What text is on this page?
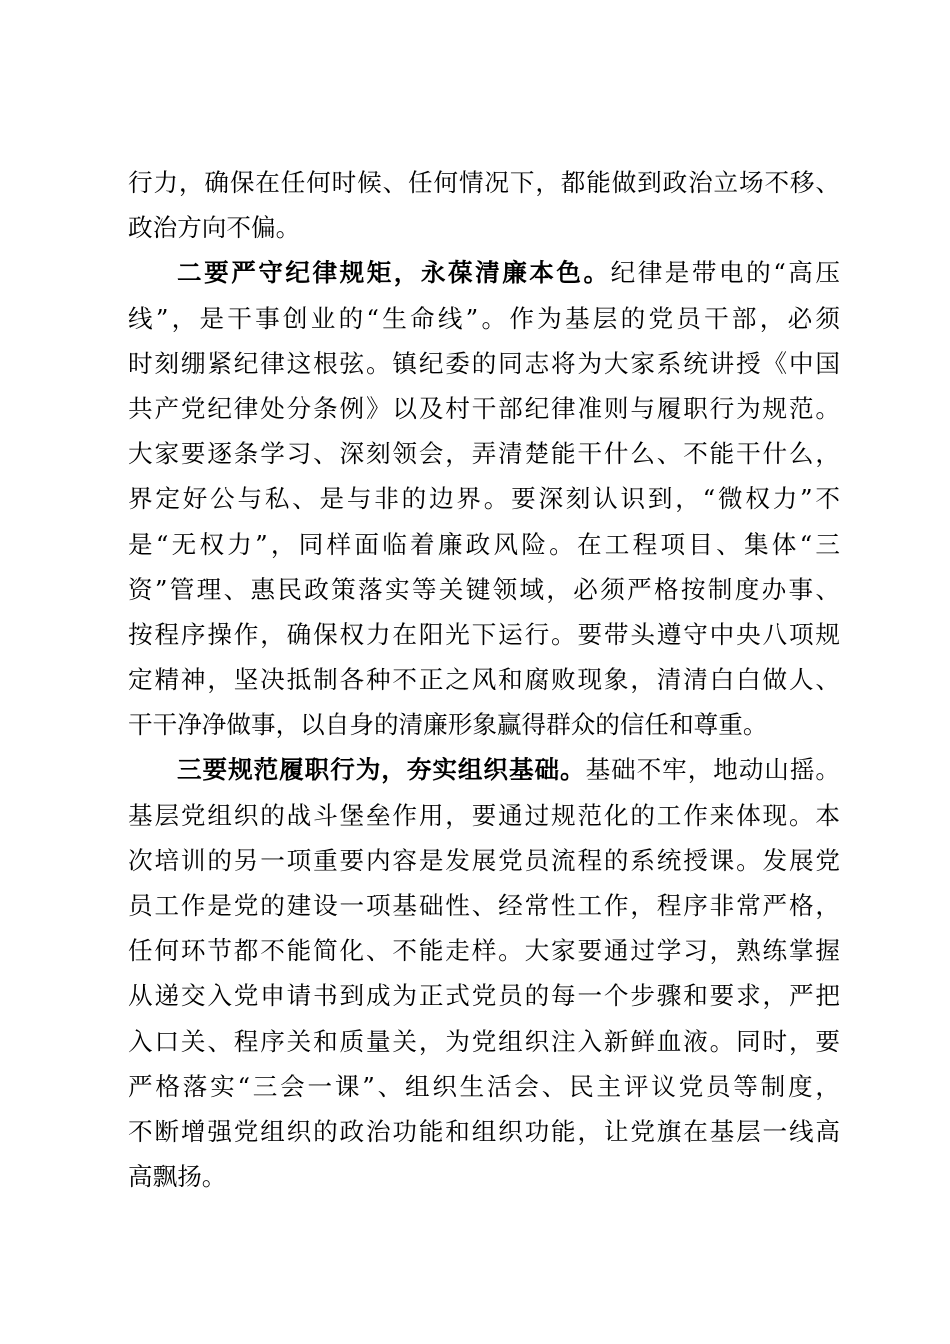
行力，确保在任何时候、任何情况下，都能做到政治立场不移、
政治方向不偏。
二要严守纪律规矩，永葆清廉本色。纪律是带电的“高压
线”，是干事创业的“生命线”。作为基层的党员干部，必须
时刻绷紧纪律这根弦。镇纪委的同志将为大家系统讲授《中国
共产党纪律处分条例》以及村干部纪律准则与履职行为规范。
大家要逐条学习、深刻领会，弄清楚能干什么、不能干什么，
界定好公与私、是与非的边界。要深刻认识到，“微权力”不
是“无权力”，同样面临着廉政风险。在工程项目、集体“三
资”管理、惠民政策落实等关键领域，必须严格按制度办事、
按程序操作，确保权力在阳光下运行。要带头遵守中央八项规
定精神，坚决抵制各种不正之风和腐败现象，清清白白做人、
干干净净做事，以自身的清廉形象赢得群众的信任和尊重。
三要规范履职行为，夯实组织基础。基础不牢，地动山摇。
基层党组织的战斗堡垒作用，要通过规范化的工作来体现。本
次培训的另一项重要内容是发展党员流程的系统授课。发展党
员工作是党的建设一项基础性、经常性工作，程序非常严格，
任何环节都不能简化、不能走样。大家要通过学习，熟练掌握
从递交入党申请书到成为正式党员的每一个步骤和要求，严把
入口关、程序关和质量关，为党组织注入新鲜血液。同时，要
严格落实“三会一课”、组织生活会、民主评议党员等制度，
不断增强党组织的政治功能和组织功能，让党旗在基层一线高
高飘扬。
